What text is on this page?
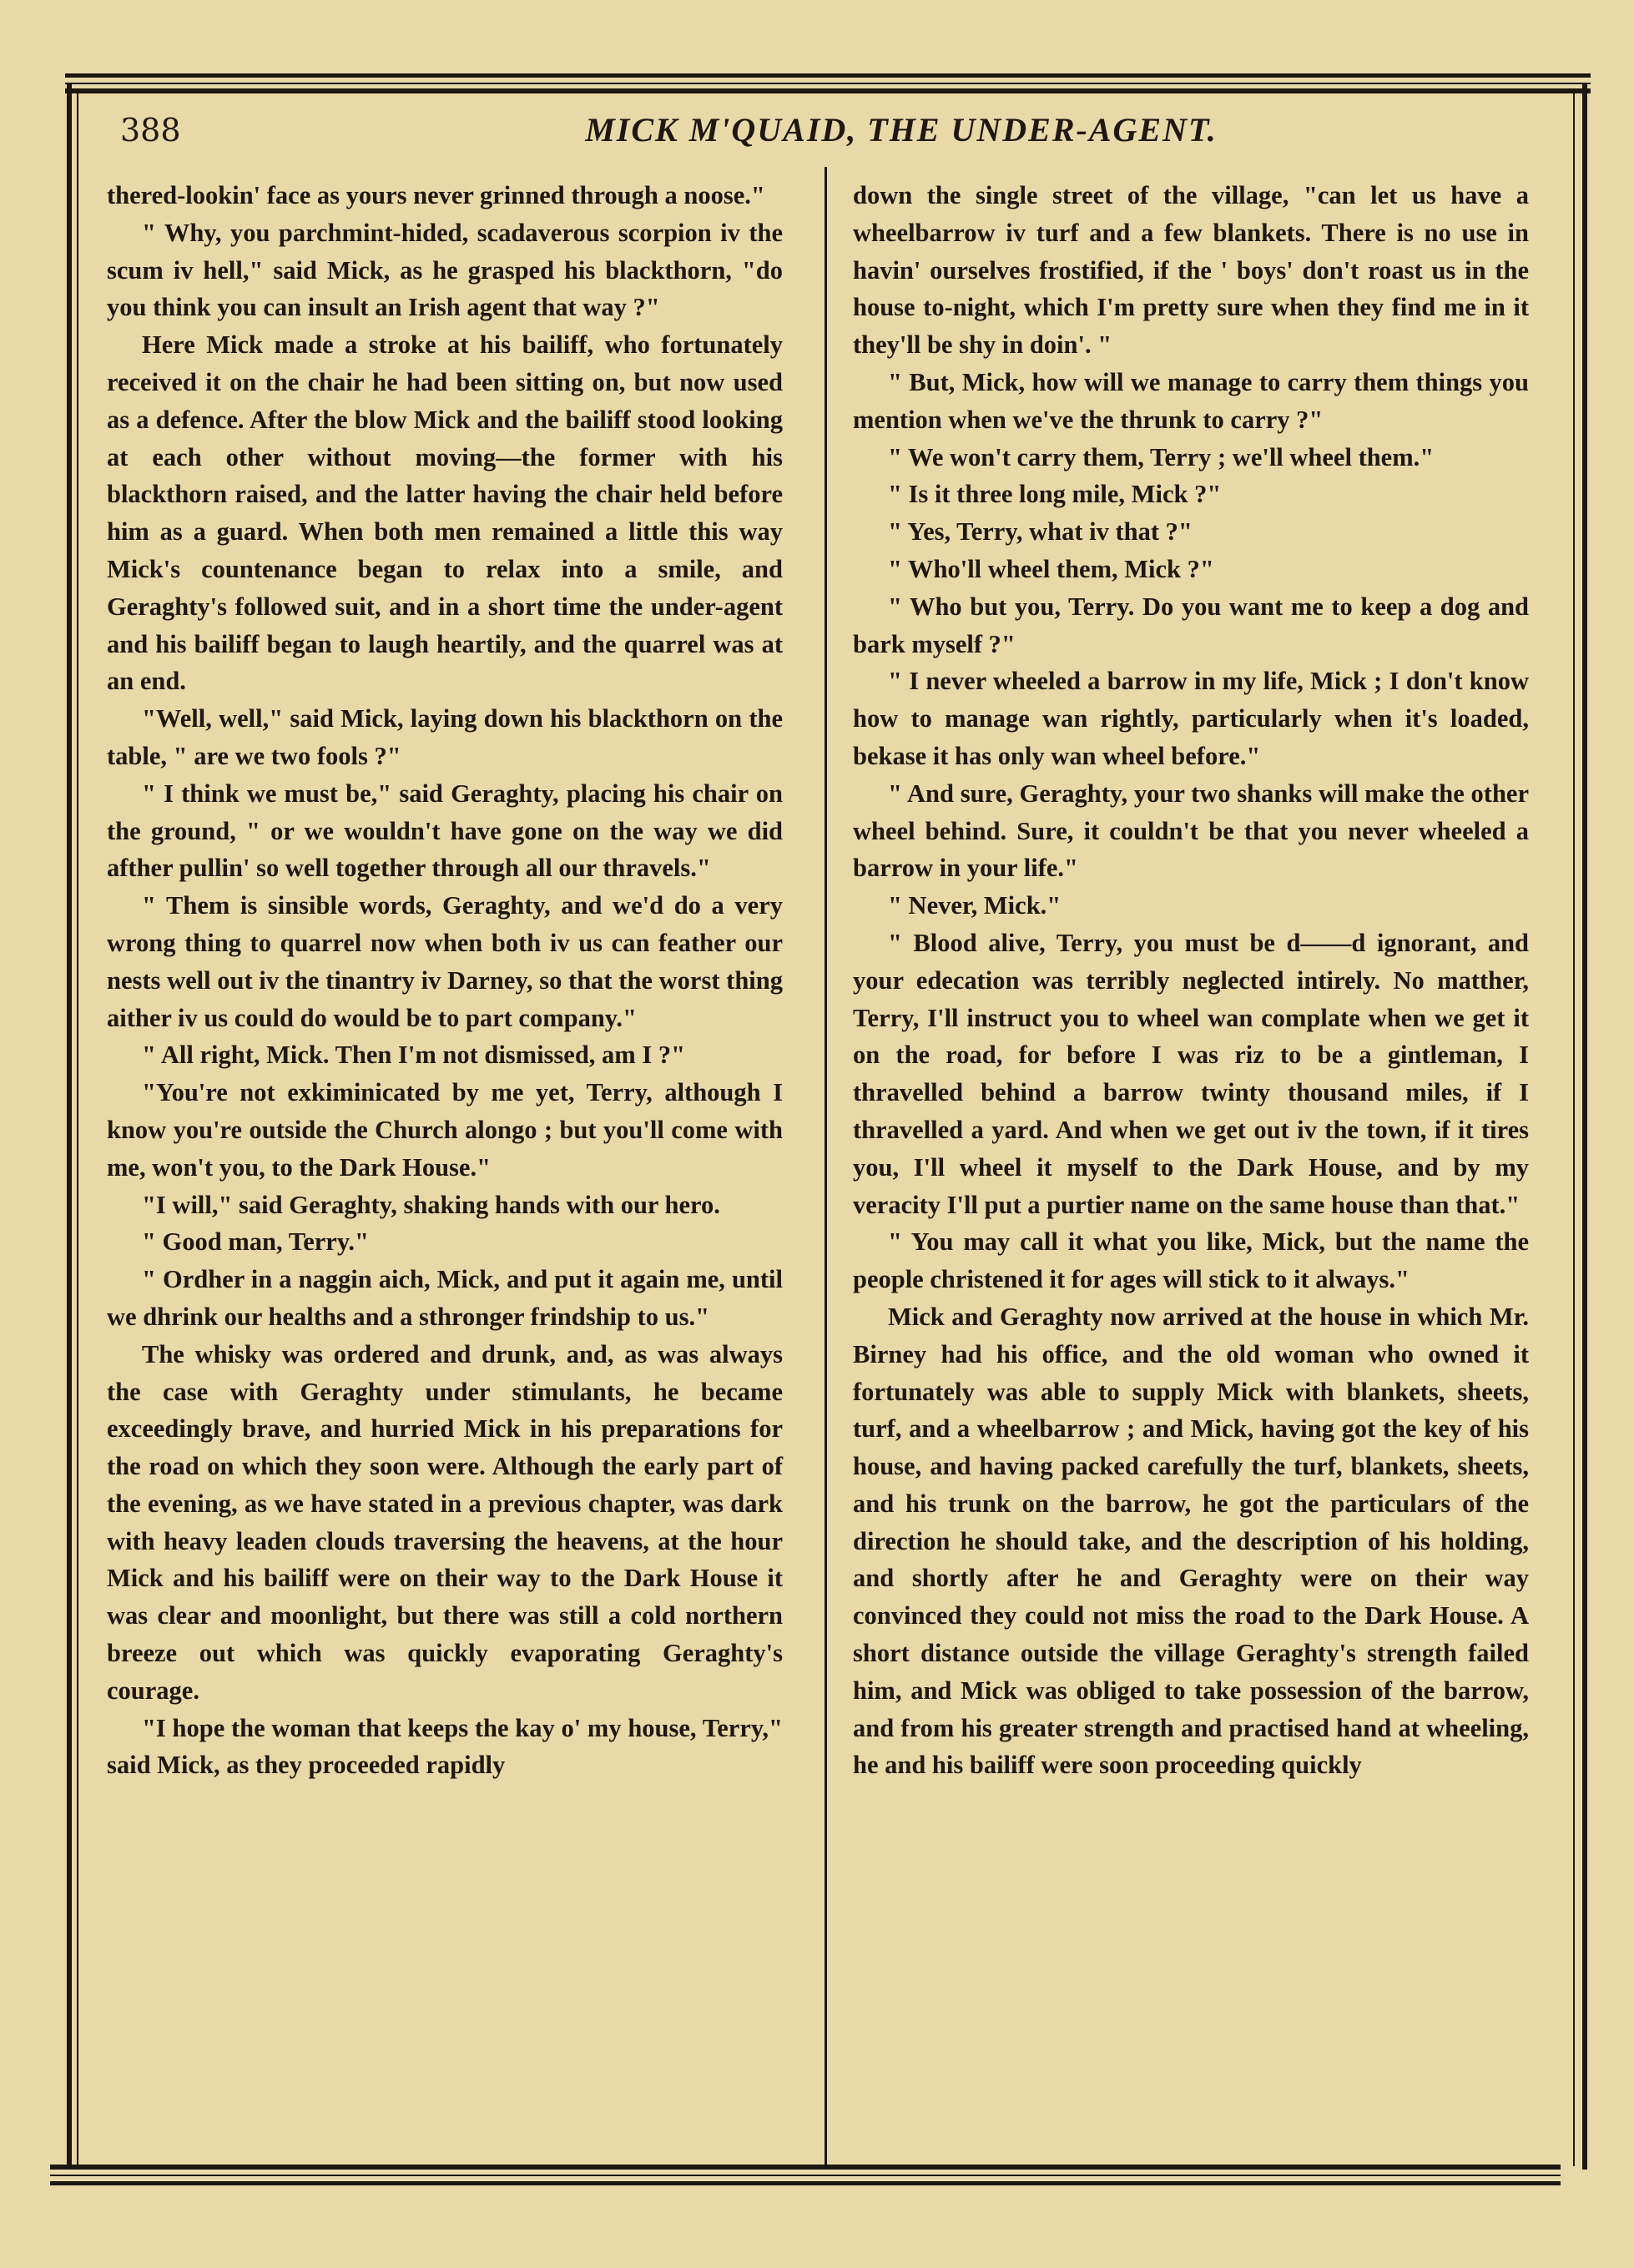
388	MICK M'QUAID, THE UNDER-AGENT.

thered-lookin' face as yours never grinned through a noose."

" Why, you parchmint-hided, scadaverous scorpion iv the scum iv hell," said Mick, as he grasped his blackthorn, "do you think you can insult an Irish agent that way ?"

Here Mick made a stroke at his bailiff, who fortunately received it on the chair he had been sitting on, but now used as a defence. After the blow Mick and the bailiff stood looking at each other without moving—the former with his blackthorn raised, and the latter having the chair held before him as a guard. When both men remained a little this way Mick's countenance began to relax into a smile, and Geraghty's followed suit, and in a short time the under-agent and his bailiff began to laugh heartily, and the quarrel was at an end.

"Well, well," said Mick, laying down his blackthorn on the table, " are we two fools ?"

" I think we must be," said Geraghty, placing his chair on the ground, " or we wouldn't have gone on the way we did afther pullin' so well together through all our thravels."

" Them is sinsible words, Geraghty, and we'd do a very wrong thing to quarrel now when both iv us can feather our nests well out iv the tinantry iv Darney, so that the worst thing aither iv us could do would be to part company."

" All right, Mick. Then I'm not dismissed, am I ?"

"You're not exkiminicated by me yet, Terry, although I know you're outside the Church alongo ; but you'll come with me, won't you, to the Dark House."

"I will," said Geraghty, shaking hands with our hero.

" Good man, Terry."

" Ordher in a naggin aich, Mick, and put it again me, until we dhrink our healths and a sthronger frindship to us."

The whisky was ordered and drunk, and, as was always the case with Geraghty under stimulants, he became exceedingly brave, and hurried Mick in his preparations for the road on which they soon were. Although the early part of the evening, as we have stated in a previous chapter, was dark with heavy leaden clouds traversing the heavens, at the hour Mick and his bailiff were on their way to the Dark House it was clear and moonlight, but there was still a cold northern breeze out which was quickly evaporating Geraghty's courage.

"I hope the woman that keeps the kay o' my house, Terry," said Mick, as they proceeded rapidly

down the single street of the village, "can let us have a wheelbarrow iv turf and a few blankets. There is no use in havin' ourselves frostified, if the ' boys' don't roast us in the house to-night, which I'm pretty sure when they find me in it they'll be shy in doin'. "

" But, Mick, how will we manage to carry them things you mention when we've the thrunk to carry ?"

" We won't carry them, Terry ; we'll wheel them."

" Is it three long mile, Mick ?"

" Yes, Terry, what iv that ?"

" Who'll wheel them, Mick ?"

" Who but you, Terry. Do you want me to keep a dog and bark myself ?"

" I never wheeled a barrow in my life, Mick ; I don't know how to manage wan rightly, particularly when it's loaded, bekase it has only wan wheel before."

" And sure, Geraghty, your two shanks will make the other wheel behind. Sure, it couldn't be that you never wheeled a barrow in your life."

" Never, Mick."

" Blood alive, Terry, you must be d——d ignorant, and your edecation was terribly neglected intirely. No matther, Terry, I'll instruct you to wheel wan complate when we get it on the road, for before I was riz to be a gintleman, I thravelled behind a barrow twinty thousand miles, if I thravelled a yard. And when we get out iv the town, if it tires you, I'll wheel it myself to the Dark House, and by my veracity I'll put a purtier name on the same house than that."

" You may call it what you like, Mick, but the name the people christened it for ages will stick to it always."

Mick and Geraghty now arrived at the house in which Mr. Birney had his office, and the old woman who owned it fortunately was able to supply Mick with blankets, sheets, turf, and a wheelbarrow ; and Mick, having got the key of his house, and having packed carefully the turf, blankets, sheets, and his trunk on the barrow, he got the particulars of the direction he should take, and the description of his holding, and shortly after he and Geraghty were on their way convinced they could not miss the road to the Dark House. A short distance outside the village Geraghty's strength failed him, and Mick was obliged to take possession of the barrow, and from his greater strength and practised hand at wheeling, he and his bailiff were soon proceeding quickly
